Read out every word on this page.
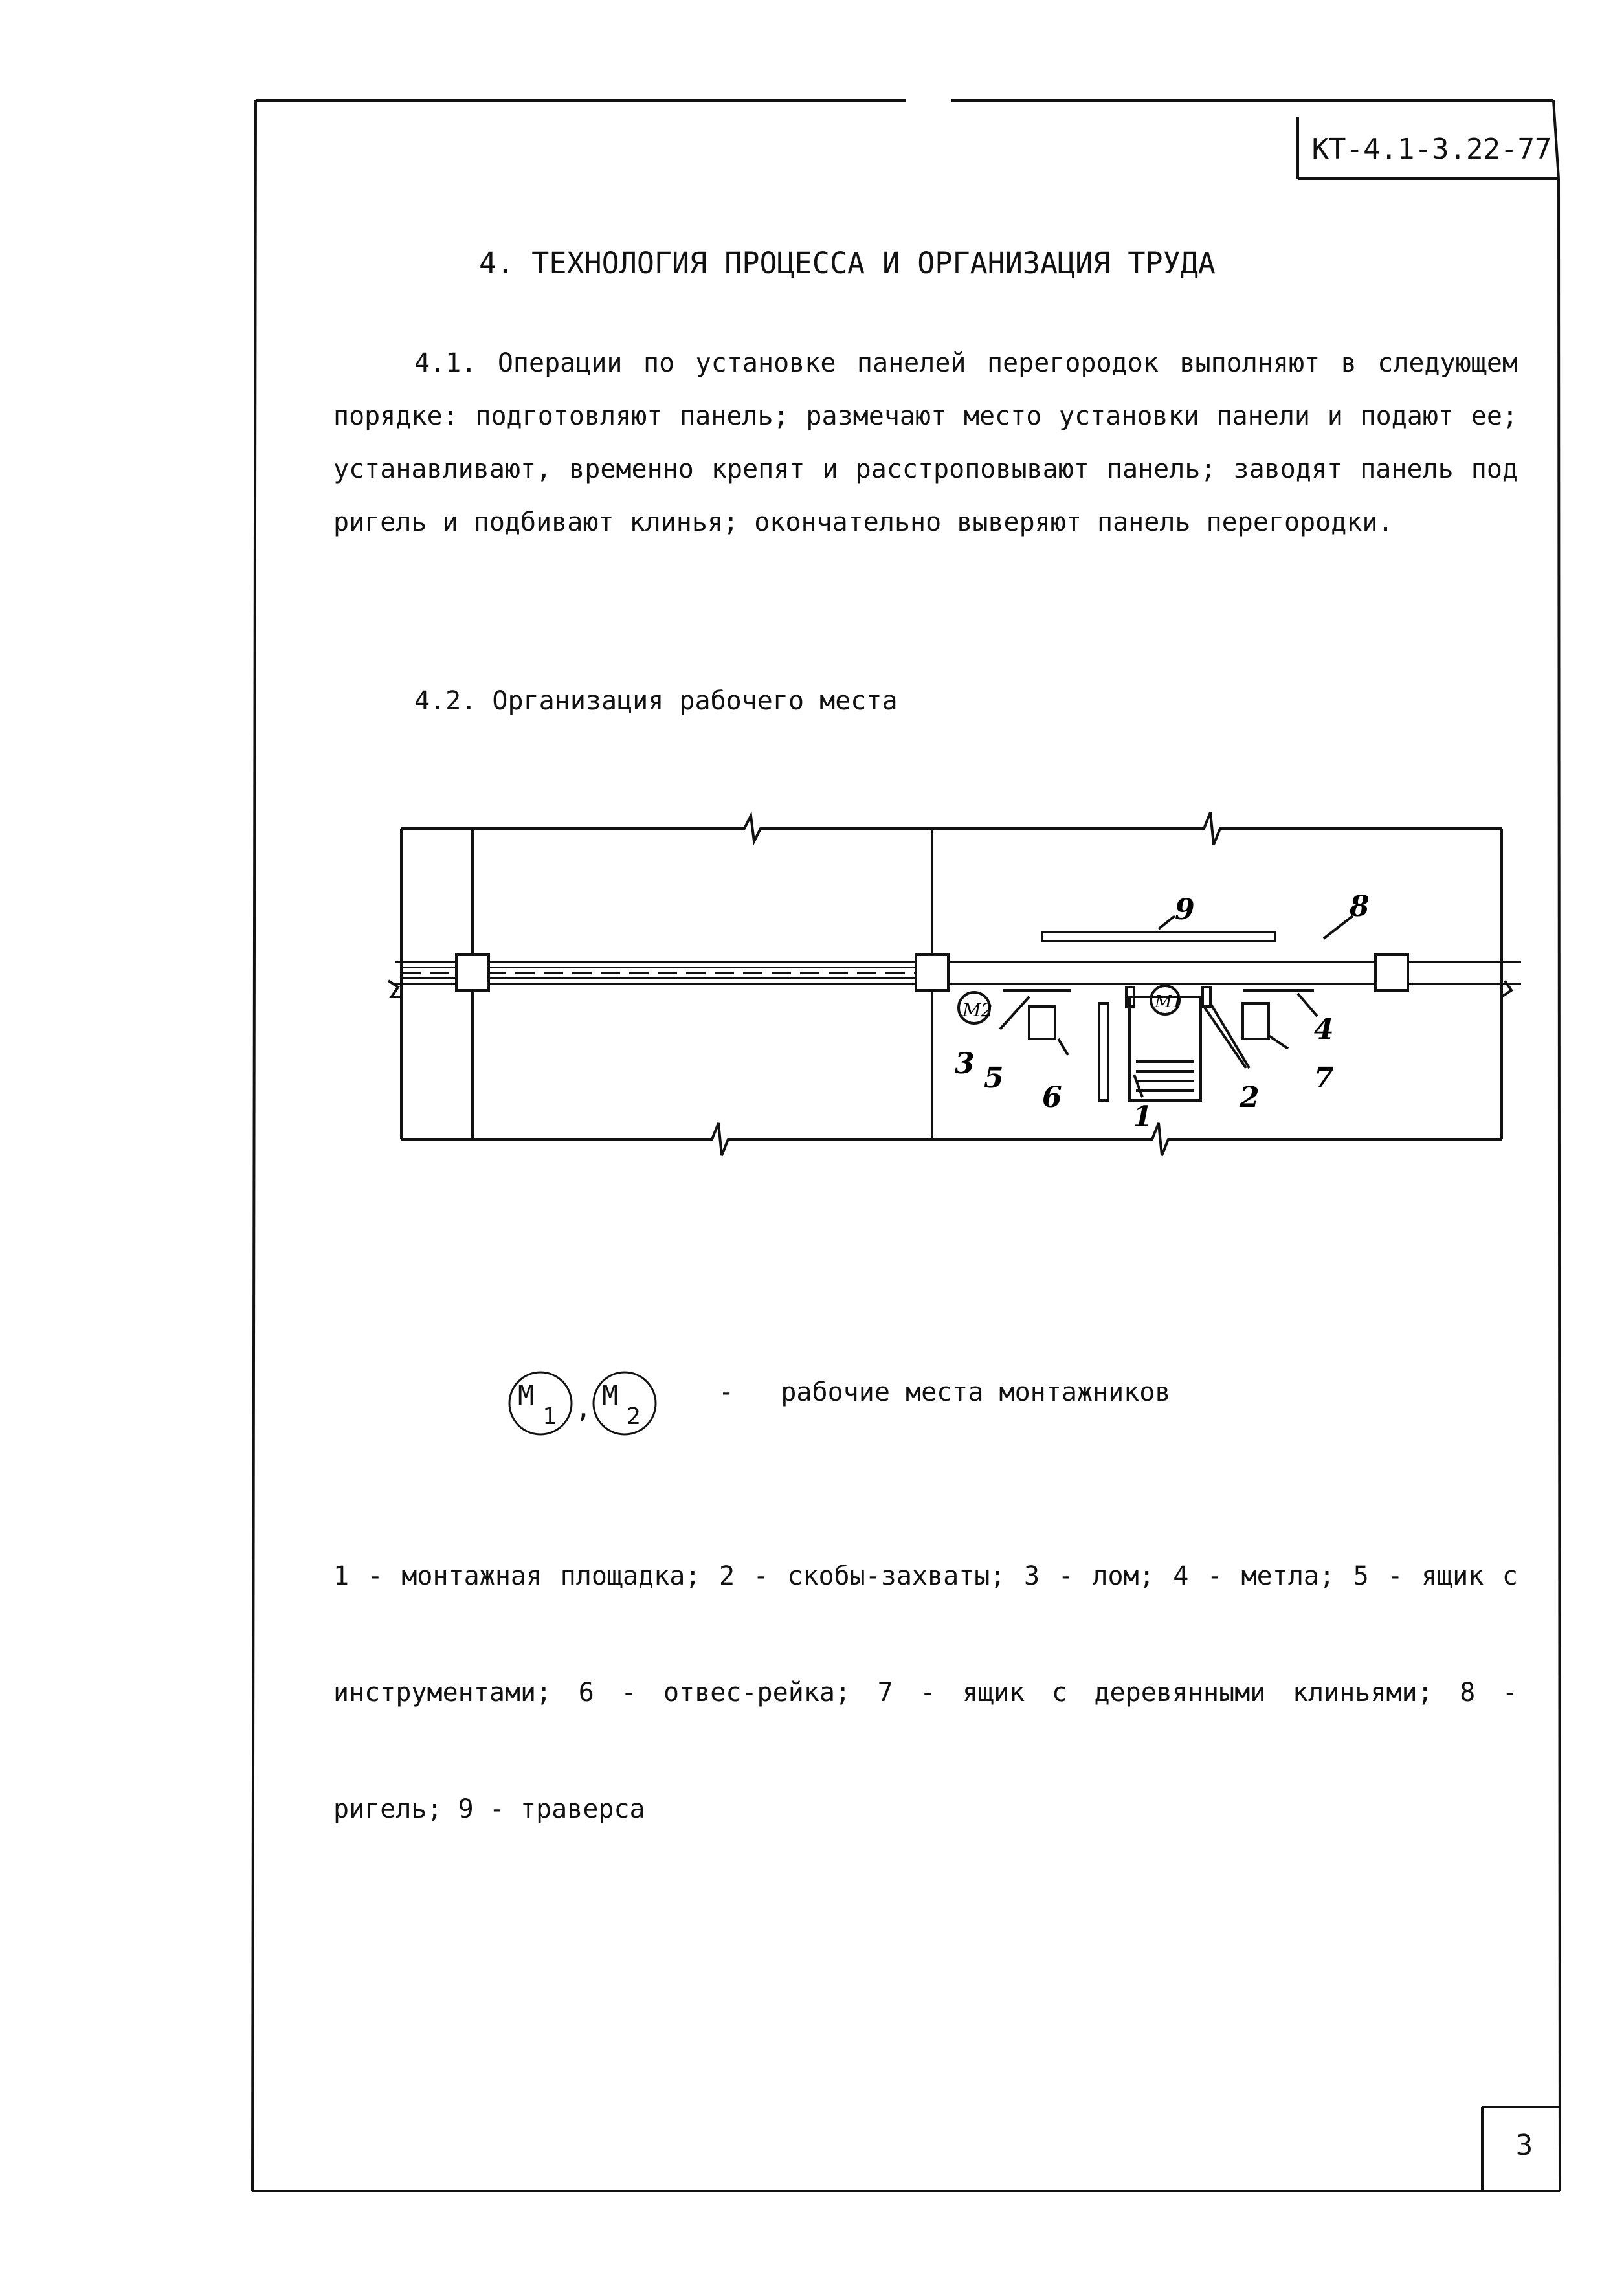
КТ-4.1-3.22-77
4. ТЕХНОЛОГИЯ ПРОЦЕССА И ОРГАНИЗАЦИЯ ТРУДА

4.1. Операции по установке панелей перегородок выполняют в следующем порядке: подготовляют панель; размечают место установки панели и подают ее; устанавливают, временно крепят и расстроповывают панель; заводят панель под ригель и подбивают клинья; окончательно выверяют панель перегородки.

4.2. Организация рабочего места
9	8
3 5
6
1
2
4
7
М2	М1
М
1 , М
2
- рабочие места монтажников

1 - монтажная площадка; 2 - скобы-захваты; 3 - лом; 4 - метла; 5 - ящик с инструментами; 6 - отвес-рейка; 7 - ящик с деревянными клиньями; 8 - ригель; 9 - траверса

3
